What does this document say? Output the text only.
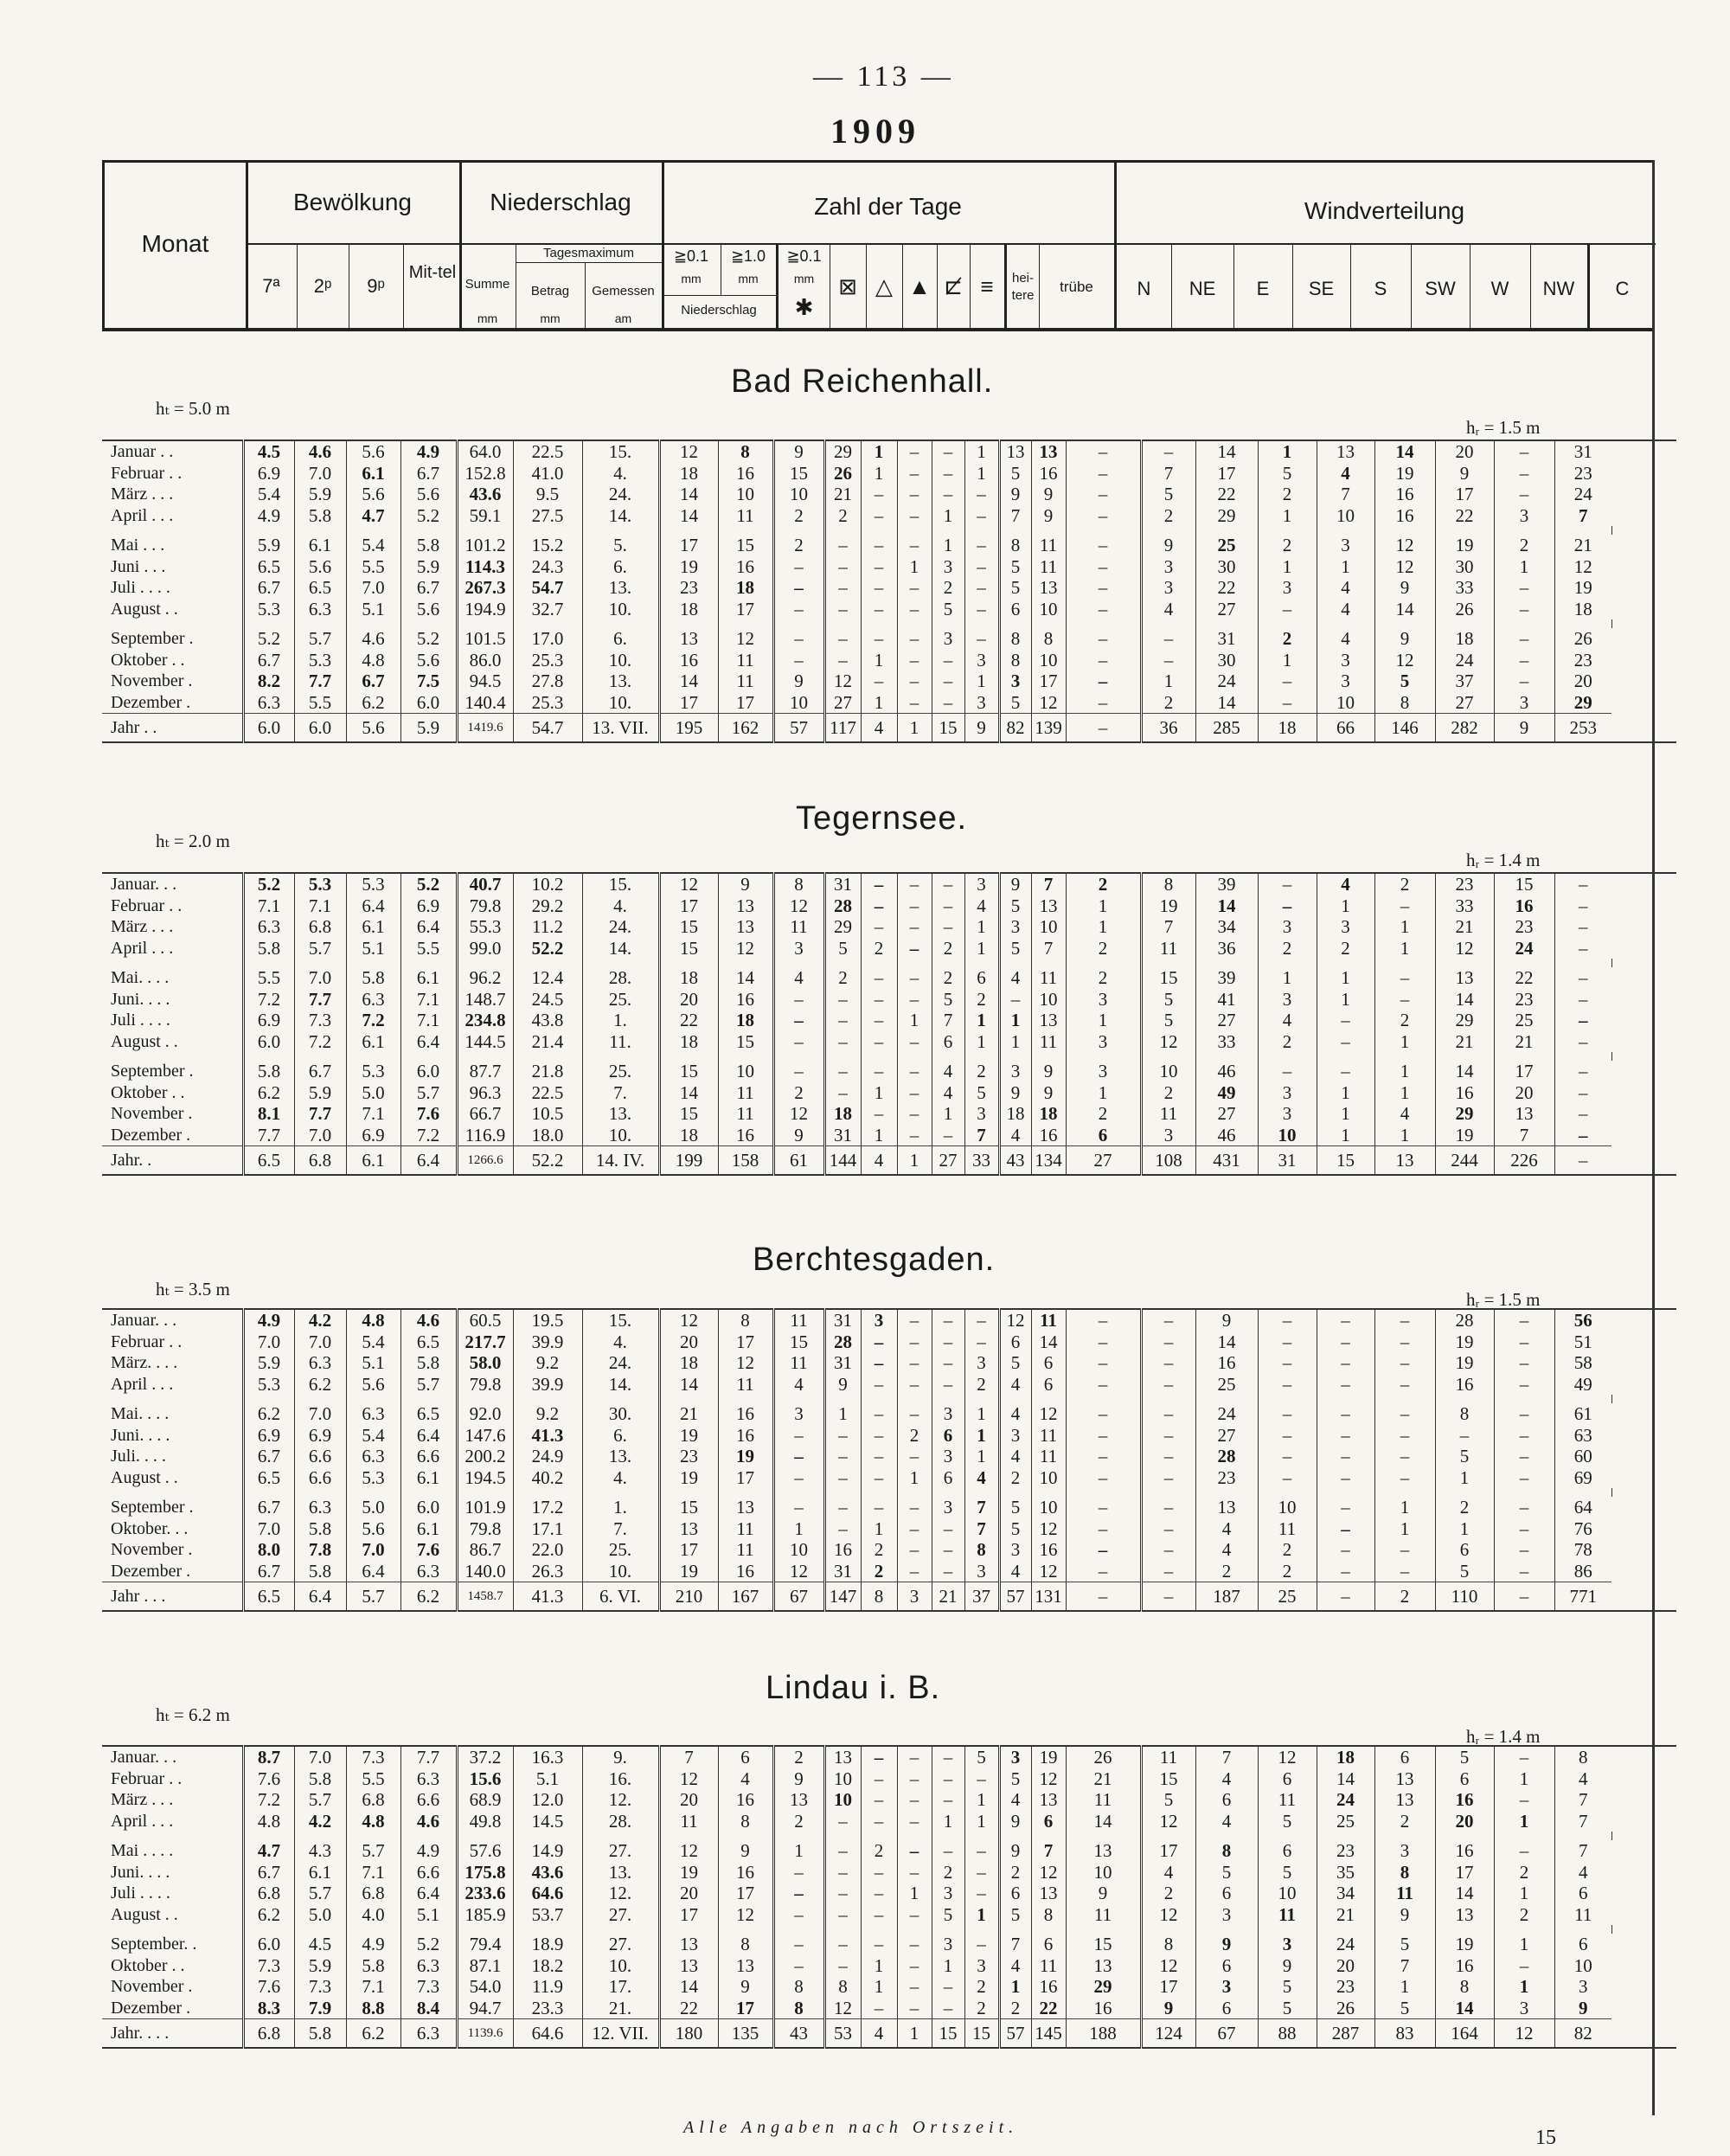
— 113 —
1909
Monat
Bewölkung	Niederschlag	Zahl der Tage	Windverteilung
7ª	2ᵖ	9ᵖ
Mit-tel
Tagesmaximum
Summe	Betrag	Gemessen
mm	mm	am
≧0.1	≧1.0
mm	mm
Niederschlag
≧0.1
mm
✱
⊠ △ ▲ ⊏̸ ≡	hei-tere
trübe	N	NE	E	SE	S	SW	W	NW	C
Bad Reichenhall.
hₜ = 5.0 m
hᵣ = 1.5 m
Januar . .	4.5	4.6	5.6	4.9	64.0	22.5	15.	12	8	9	29	1	–	–	1	13	13	–	–	14	1	13	14	20	–	31	
Februar . .	6.9	7.0	6.1	6.7	152.8	41.0	4.	18	16	15	26	1	–	–	1	5	16	–	7	17	5	4	19	9	–	23	
März . . .	5.4	5.9	5.6	5.6	43.6	9.5	24.	14	10	10	21	–	–	–	–	9	9	–	5	22	2	7	16	17	–	24	
April . . .	4.9	5.8	4.7	5.2	59.1	27.5	14.	14	11	2	2	–	–	1	–	7	9	–	2	29	1	10	16	22	3	7	

Mai . . .	5.9	6.1	5.4	5.8	101.2	15.2	5.	17	15	2	–	–	–	1	–	8	11	–	9	25	2	3	12	19	2	21	
Juni . . .	6.5	5.6	5.5	5.9	114.3	24.3	6.	19	16	–	–	–	1	3	–	5	11	–	3	30	1	1	12	30	1	12	
Juli . . . .	6.7	6.5	7.0	6.7	267.3	54.7	13.	23	18	–	–	–	–	2	–	5	13	–	3	22	3	4	9	33	–	19	
August . .	5.3	6.3	5.1	5.6	194.9	32.7	10.	18	17	–	–	–	–	5	–	6	10	–	4	27	–	4	14	26	–	18	

September .	5.2	5.7	4.6	5.2	101.5	17.0	6.	13	12	–	–	–	–	3	–	8	8	–	–	31	2	4	9	18	–	26	
Oktober . .	6.7	5.3	4.8	5.6	86.0	25.3	10.	16	11	–	–	1	–	–	3	8	10	–	–	30	1	3	12	24	–	23	
November .	8.2	7.7	6.7	7.5	94.5	27.8	13.	14	11	9	12	–	–	–	1	3	17	–	1	24	–	3	5	37	–	20	
Dezember .	6.3	5.5	6.2	6.0	140.4	25.3	10.	17	17	10	27	1	–	–	3	5	12	–	2	14	–	10	8	27	3	29	
Jahr . .	6.0	6.0	5.6	5.9	1419.6	54.7	13. VII.	195	162	57	117	4	1	15	9	82	139	–	36	285	18	66	146	282	9	253	
Tegernsee.
hₜ = 2.0 m
hᵣ = 1.4 m
Januar. . .	5.2	5.3	5.3	5.2	40.7	10.2	15.	12	9	8	31	–	–	–	3	9	7	2	8	39	–	4	2	23	15	–	
Februar . .	7.1	7.1	6.4	6.9	79.8	29.2	4.	17	13	12	28	–	–	–	4	5	13	1	19	14	–	1	–	33	16	–	
März . . .	6.3	6.8	6.1	6.4	55.3	11.2	24.	15	13	11	29	–	–	–	1	3	10	1	7	34	3	3	1	21	23	–	
April . . .	5.8	5.7	5.1	5.5	99.0	52.2	14.	15	12	3	5	2	–	2	1	5	7	2	11	36	2	2	1	12	24	–	

Mai. . . .	5.5	7.0	5.8	6.1	96.2	12.4	28.	18	14	4	2	–	–	2	6	4	11	2	15	39	1	1	–	13	22	–	
Juni. . . .	7.2	7.7	6.3	7.1	148.7	24.5	25.	20	16	–	–	–	–	5	2	–	10	3	5	41	3	1	–	14	23	–	
Juli . . . .	6.9	7.3	7.2	7.1	234.8	43.8	1.	22	18	–	–	–	1	7	1	1	13	1	5	27	4	–	2	29	25	–	
August . .	6.0	7.2	6.1	6.4	144.5	21.4	11.	18	15	–	–	–	–	6	1	1	11	3	12	33	2	–	1	21	21	–	

September .	5.8	6.7	5.3	6.0	87.7	21.8	25.	15	10	–	–	–	–	4	2	3	9	3	10	46	–	–	1	14	17	–	
Oktober . .	6.2	5.9	5.0	5.7	96.3	22.5	7.	14	11	2	–	1	–	4	5	9	9	1	2	49	3	1	1	16	20	–	
November .	8.1	7.7	7.1	7.6	66.7	10.5	13.	15	11	12	18	–	–	1	3	18	18	2	11	27	3	1	4	29	13	–	
Dezember .	7.7	7.0	6.9	7.2	116.9	18.0	10.	18	16	9	31	1	–	–	7	4	16	6	3	46	10	1	1	19	7	–	
Jahr. .	6.5	6.8	6.1	6.4	1266.6	52.2	14. IV.	199	158	61	144	4	1	27	33	43	134	27	108	431	31	15	13	244	226	–	
Berchtesgaden.
hₜ = 3.5 m	hᵣ = 1.5 m
Januar. . .	4.9	4.2	4.8	4.6	60.5	19.5	15.	12	8	11	31	3	–	–	–	12	11	–	–	9	–	–	–	28	–	56	
Februar . .	7.0	7.0	5.4	6.5	217.7	39.9	4.	20	17	15	28	–	–	–	–	6	14	–	–	14	–	–	–	19	–	51	
März. . . .	5.9	6.3	5.1	5.8	58.0	9.2	24.	18	12	11	31	–	–	–	3	5	6	–	–	16	–	–	–	19	–	58	
April . . .	5.3	6.2	5.6	5.7	79.8	39.9	14.	14	11	4	9	–	–	–	2	4	6	–	–	25	–	–	–	16	–	49	

Mai. . . .	6.2	7.0	6.3	6.5	92.0	9.2	30.	21	16	3	1	–	–	3	1	4	12	–	–	24	–	–	–	8	–	61	
Juni. . . .	6.9	6.9	5.4	6.4	147.6	41.3	6.	19	16	–	–	–	2	6	1	3	11	–	–	27	–	–	–	–	–	63	
Juli. . . .	6.7	6.6	6.3	6.6	200.2	24.9	13.	23	19	–	–	–	–	3	1	4	11	–	–	28	–	–	–	5	–	60	
August . .	6.5	6.6	5.3	6.1	194.5	40.2	4.	19	17	–	–	–	1	6	4	2	10	–	–	23	–	–	–	1	–	69	

September .	6.7	6.3	5.0	6.0	101.9	17.2	1.	15	13	–	–	–	–	3	7	5	10	–	–	13	10	–	1	2	–	64	
Oktober. . .	7.0	5.8	5.6	6.1	79.8	17.1	7.	13	11	1	–	1	–	–	7	5	12	–	–	4	11	–	1	1	–	76	
November .	8.0	7.8	7.0	7.6	86.7	22.0	25.	17	11	10	16	2	–	–	8	3	16	–	–	4	2	–	–	6	–	78	
Dezember .	6.7	5.8	6.4	6.3	140.0	26.3	10.	19	16	12	31	2	–	–	3	4	12	–	–	2	2	–	–	5	–	86	
Jahr . . .	6.5	6.4	5.7	6.2	1458.7	41.3	6. VI.	210	167	67	147	8	3	21	37	57	131	–	–	187	25	–	2	110	–	771	
Lindau i. B.
hₜ = 6.2 m
hᵣ = 1.4 m
Januar. . .	8.7	7.0	7.3	7.7	37.2	16.3	9.	7	6	2	13	–	–	–	5	3	19	26	11	7	12	18	6	5	–	8	
Februar . .	7.6	5.8	5.5	6.3	15.6	5.1	16.	12	4	9	10	–	–	–	–	5	12	21	15	4	6	14	13	6	1	4	
März . . .	7.2	5.7	6.8	6.6	68.9	12.0	12.	20	16	13	10	–	–	–	1	4	13	11	5	6	11	24	13	16	–	7	
April . . .	4.8	4.2	4.8	4.6	49.8	14.5	28.	11	8	2	–	–	–	1	1	9	6	14	12	4	5	25	2	20	1	7	

Mai . . . .	4.7	4.3	5.7	4.9	57.6	14.9	27.	12	9	1	–	2	–	–	–	9	7	13	17	8	6	23	3	16	–	7	
Juni. . . .	6.7	6.1	7.1	6.6	175.8	43.6	13.	19	16	–	–	–	–	2	–	2	12	10	4	5	5	35	8	17	2	4	
Juli . . . .	6.8	5.7	6.8	6.4	233.6	64.6	12.	20	17	–	–	–	1	3	–	6	13	9	2	6	10	34	11	14	1	6	
August . .	6.2	5.0	4.0	5.1	185.9	53.7	27.	17	12	–	–	–	–	5	1	5	8	11	12	3	11	21	9	13	2	11	

September. .	6.0	4.5	4.9	5.2	79.4	18.9	27.	13	8	–	–	–	–	3	–	7	6	15	8	9	3	24	5	19	1	6	
Oktober . .	7.3	5.9	5.8	6.3	87.1	18.2	10.	13	13	–	–	1	–	1	3	4	11	13	12	6	9	20	7	16	–	10	
November .	7.6	7.3	7.1	7.3	54.0	11.9	17.	14	9	8	8	1	–	–	2	1	16	29	17	3	5	23	1	8	1	3	
Dezember .	8.3	7.9	8.8	8.4	94.7	23.3	21.	22	17	8	12	–	–	–	2	2	22	16	9	6	5	26	5	14	3	9	
Jahr. . . .	6.8	5.8	6.2	6.3	1139.6	64.6	12. VII.	180	135	43	53	4	1	15	15	57	145	188	124	67	88	287	83	164	12	82	
Alle Angaben nach Ortszeit.	15
